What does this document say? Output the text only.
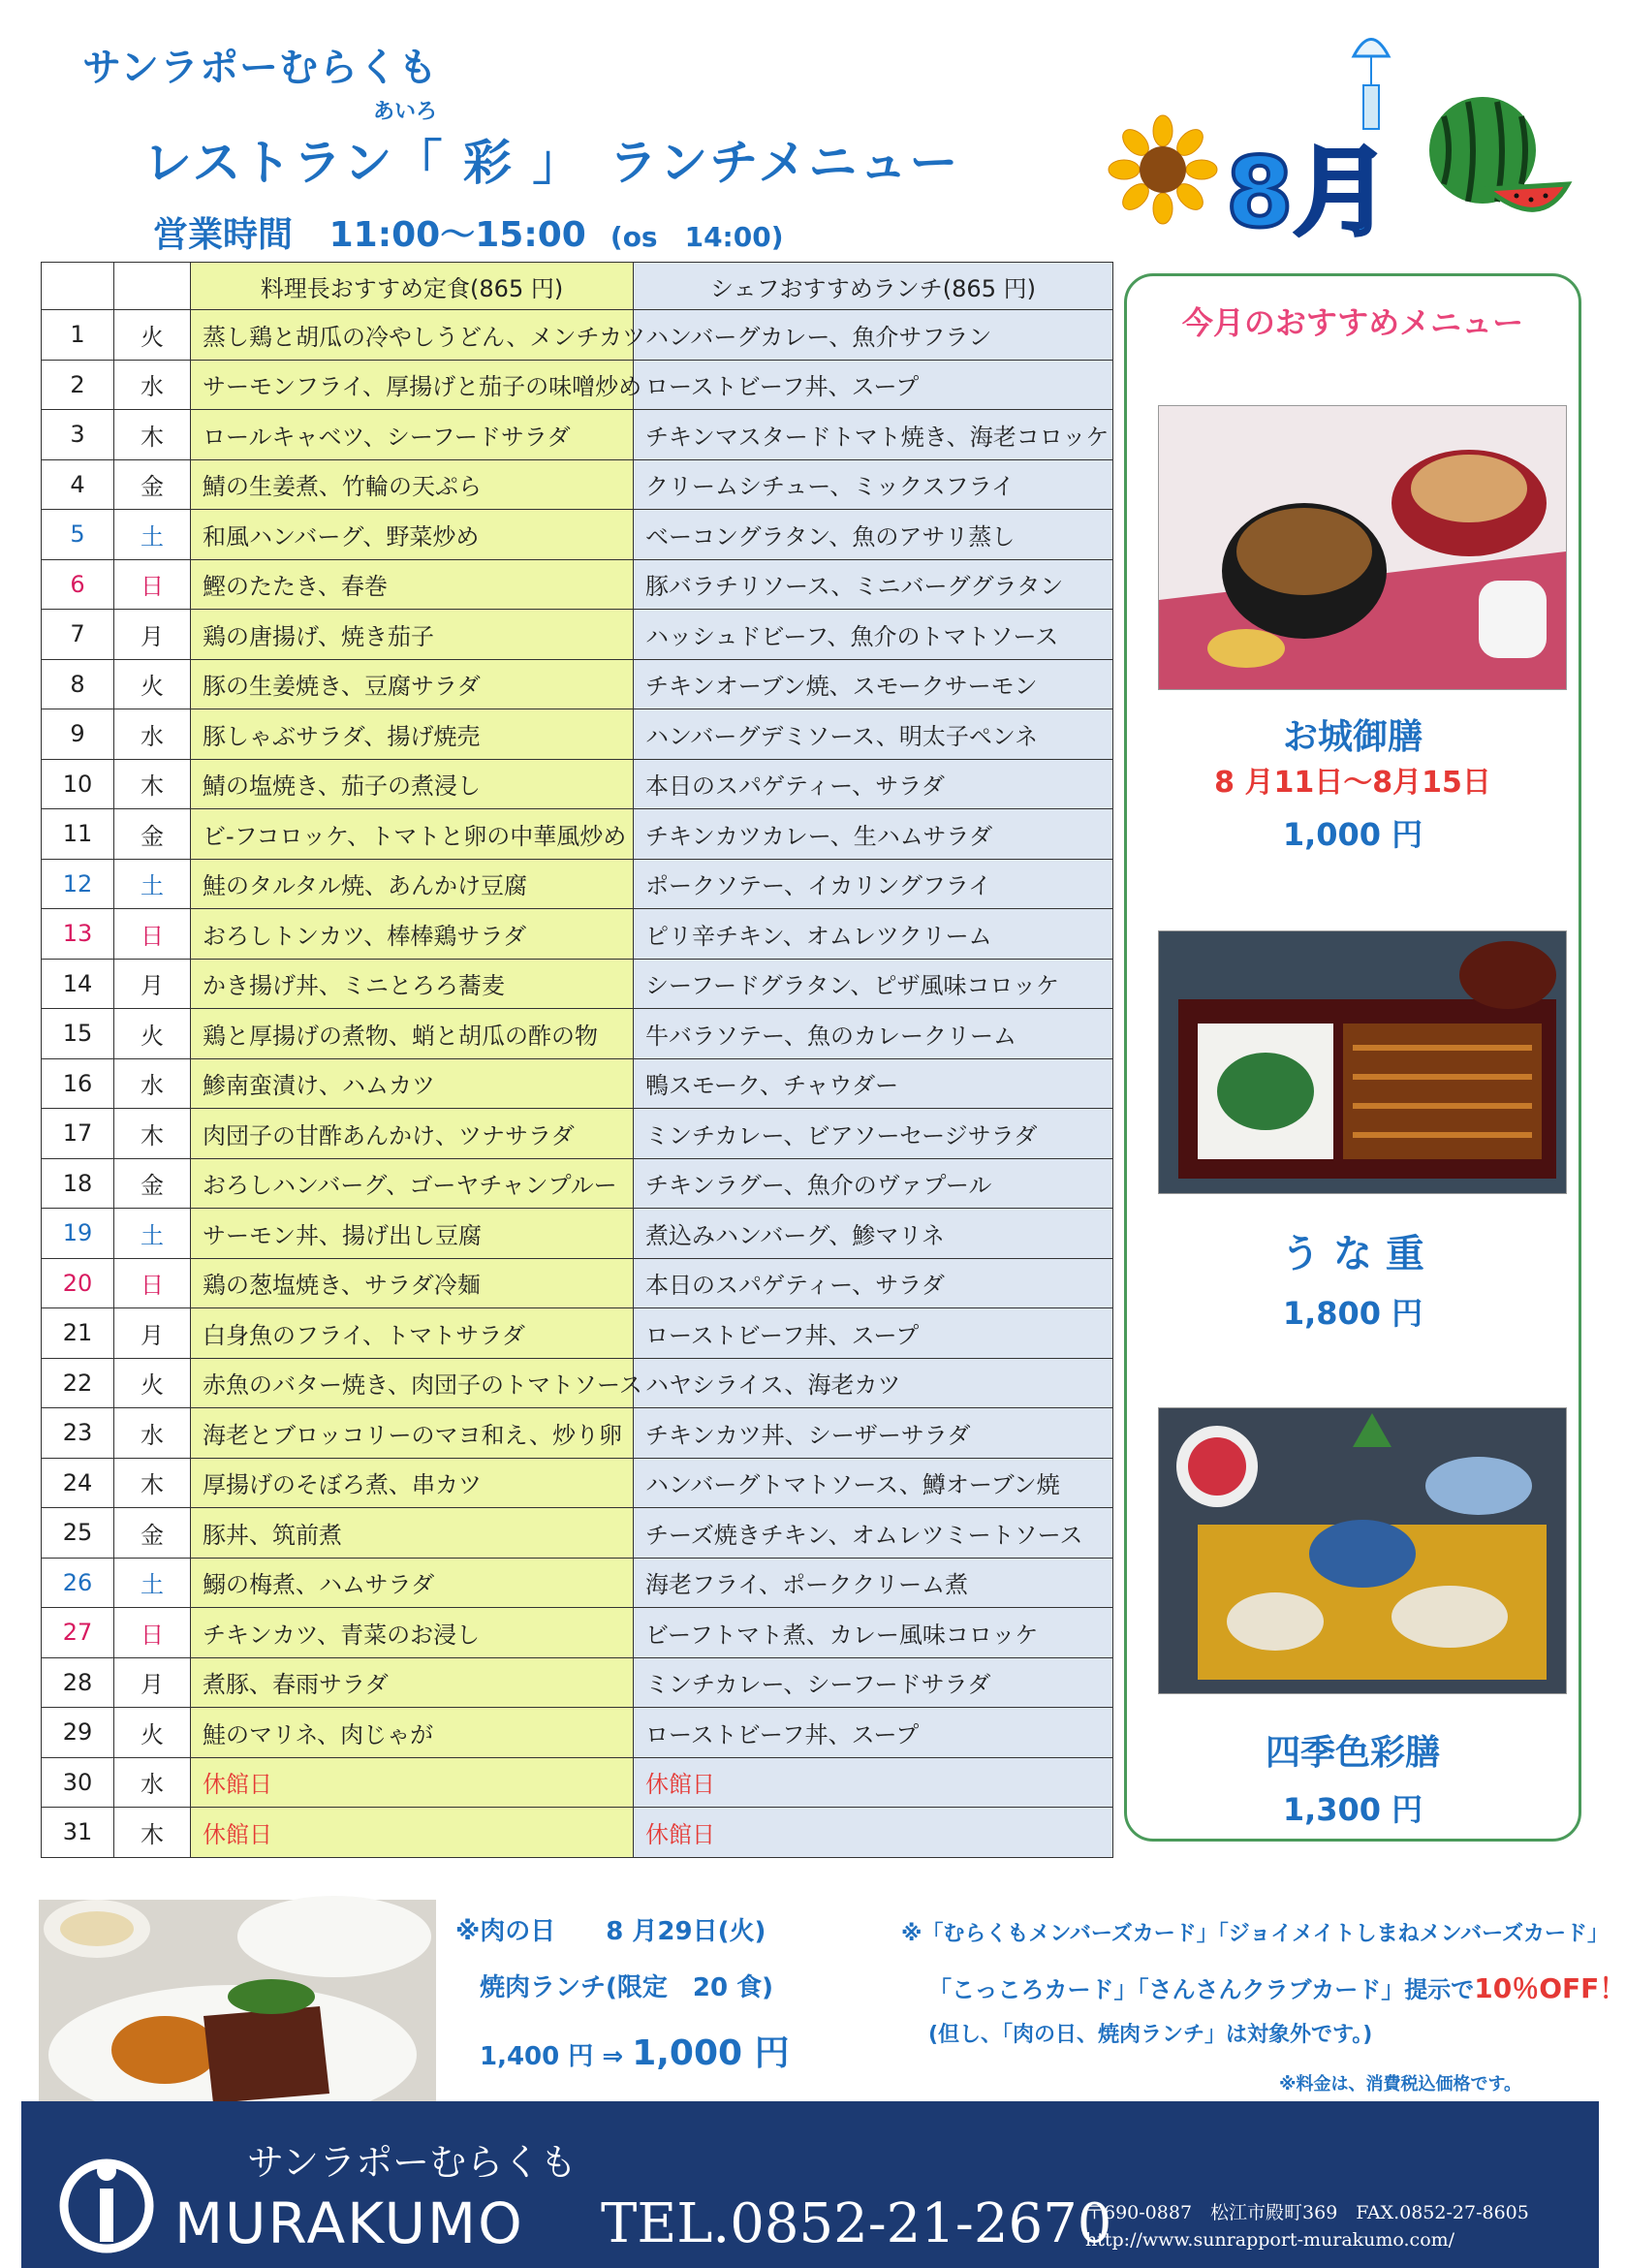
サンラポーむらくも
あいろ
レストラン「 彩 」　ランチメニュー
営業時間 11:00〜15:00 (os　14:00)	8月
		料理長おすすめ定食(865 円)	シェフおすすめランチ(865 円)
1	火	蒸し鶏と胡瓜の冷やしうどん、メンチカツ	ハンバーグカレー、魚介サフラン
2	水	サーモンフライ、厚揚げと茄子の味噌炒め	ローストビーフ丼、スープ
3	木	ロールキャベツ、シーフードサラダ	チキンマスタードトマト焼き、海老コロッケ
4	金	鯖の生姜煮、竹輪の天ぷら	クリームシチュー、ミックスフライ
5	土	和風ハンバーグ、野菜炒め	ベーコングラタン、魚のアサリ蒸し
6	日	鰹のたたき、春巻	豚バラチリソース、ミニバーググラタン
7	月	鶏の唐揚げ、焼き茄子	ハッシュドビーフ、魚介のトマトソース
8	火	豚の生姜焼き、豆腐サラダ	チキンオーブン焼、スモークサーモン
9	水	豚しゃぶサラダ、揚げ焼売	ハンバーグデミソース、明太子ペンネ
10	木	鯖の塩焼き、茄子の煮浸し	本日のスパゲティー、サラダ
11	金	ビ-フコロッケ、トマトと卵の中華風炒め	チキンカツカレー、生ハムサラダ
12	土	鮭のタルタル焼、あんかけ豆腐	ポークソテー、イカリングフライ
13	日	おろしトンカツ、棒棒鶏サラダ	ピリ辛チキン、オムレツクリーム
14	月	かき揚げ丼、ミニとろろ蕎麦	シーフードグラタン、ピザ風味コロッケ
15	火	鶏と厚揚げの煮物、蛸と胡瓜の酢の物	牛バラソテー、魚のカレークリーム
16	水	鯵南蛮漬け、ハムカツ	鴨スモーク、チャウダー
17	木	肉団子の甘酢あんかけ、ツナサラダ	ミンチカレー、ビアソーセージサラダ
18	金	おろしハンバーグ、ゴーヤチャンプルー	チキンラグー、魚介のヴァプール
19	土	サーモン丼、揚げ出し豆腐	煮込みハンバーグ、鯵マリネ
20	日	鶏の葱塩焼き、サラダ冷麺	本日のスパゲティー、サラダ
21	月	白身魚のフライ、トマトサラダ	ローストビーフ丼、スープ
22	火	赤魚のバター焼き、肉団子のトマトソース	ハヤシライス、海老カツ
23	水	海老とブロッコリーのマヨ和え、炒り卵	チキンカツ丼、シーザーサラダ
24	木	厚揚げのそぼろ煮、串カツ	ハンバーグトマトソース、鱒オーブン焼
25	金	豚丼、筑前煮	チーズ焼きチキン、オムレツミートソース
26	土	鰯の梅煮、ハムサラダ	海老フライ、ポーククリーム煮
27	日	チキンカツ、青菜のお浸し	ビーフトマト煮、カレー風味コロッケ
28	月	煮豚、春雨サラダ	ミンチカレー、シーフードサラダ
29	火	鮭のマリネ、肉じゃが	ローストビーフ丼、スープ
30	水	休館日	休館日
31	木	休館日	休館日
今月のおすすめメニュー
お城御膳
8 月11日〜8月15日
1,000 円
う な 重
1,800 円
四季色彩膳
1,300 円
※肉の日　　8 月29日(火)
焼肉ランチ(限定　20 食)
1,400 円 ⇒ 1,000 円
※「むらくもメンバーズカード」「ジョイメイトしまねメンバーズカード」
「こっころカード」「さんさんクラブカード」提示で10％OFF！
(但し、「肉の日、焼肉ランチ」は対象外です。)
※料金は、消費税込価格です。
サンラポーむらくも
MURAKUMO TEL.0852-21-2670
〒690-0887　松江市殿町369　FAX.0852-27-8605
http://www.sunrapport-murakumo.com/
